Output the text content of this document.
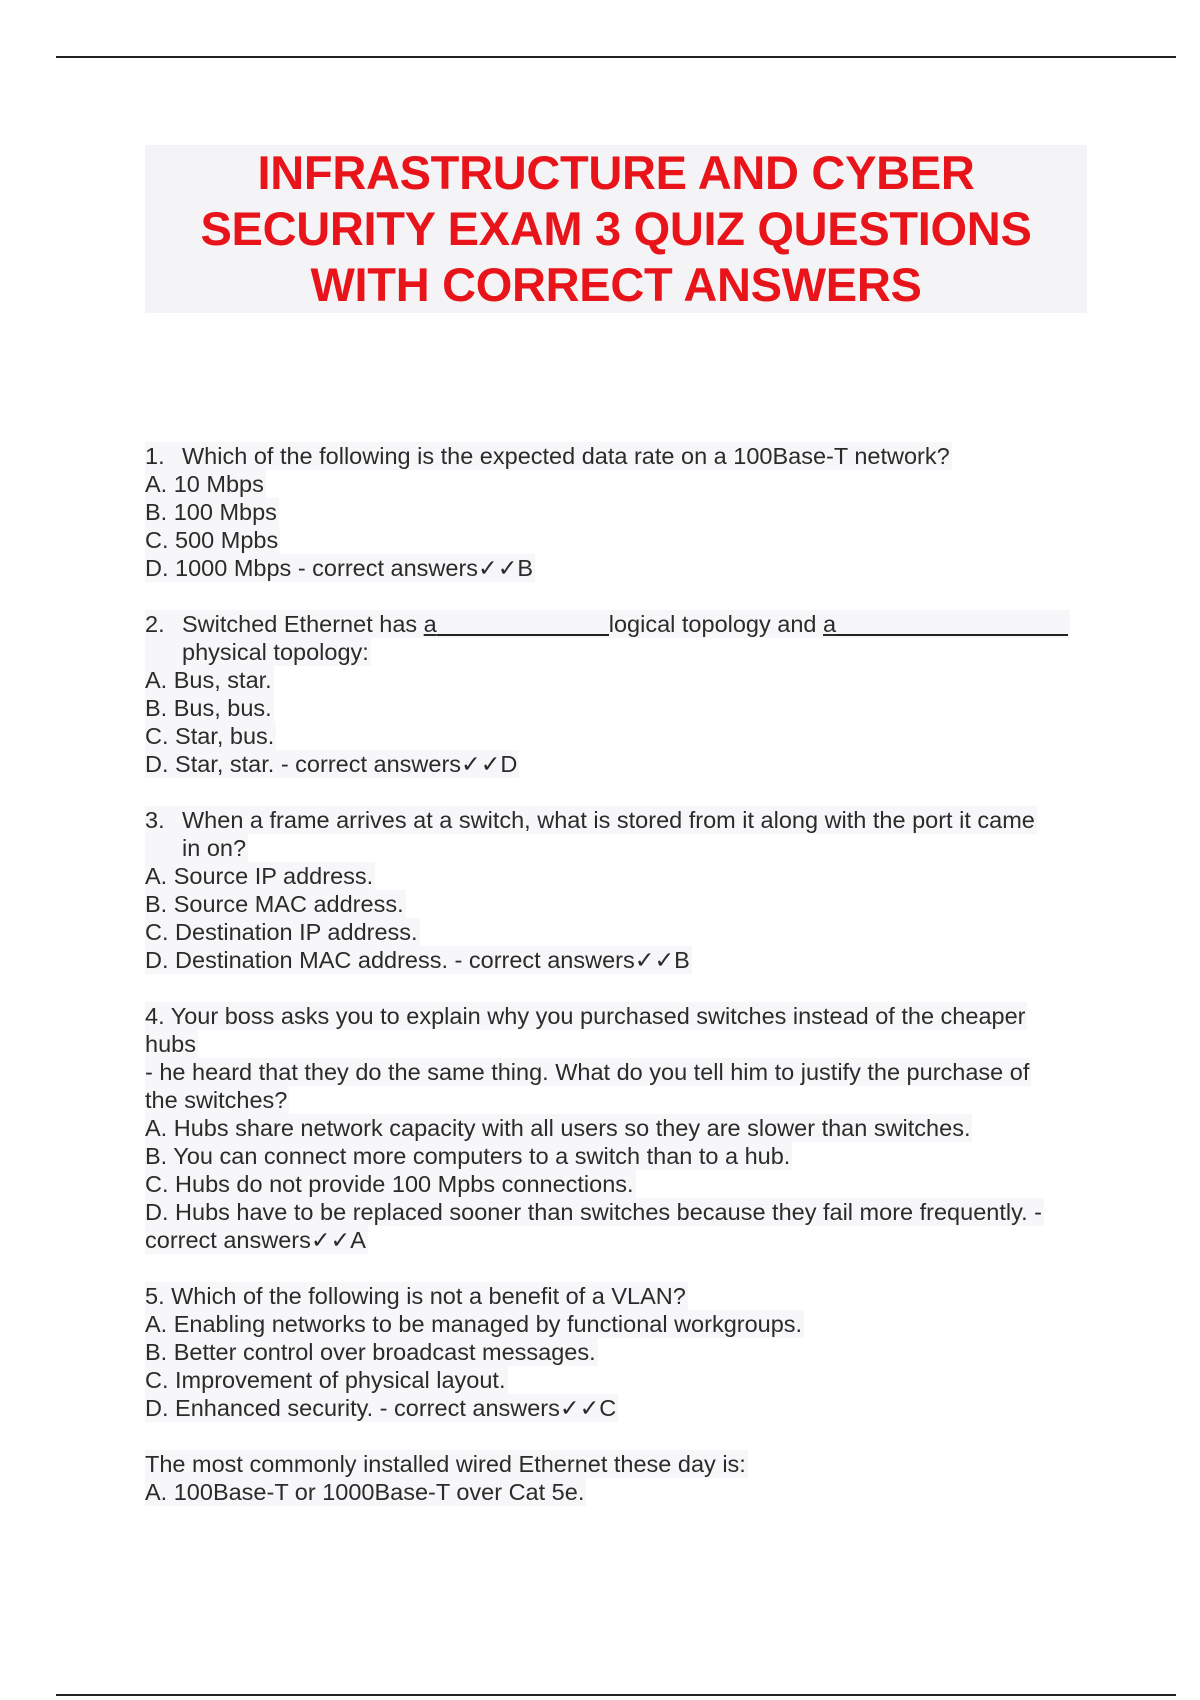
INFRASTRUCTURE AND CYBER
SECURITY EXAM 3 QUIZ QUESTIONS
WITH CORRECT ANSWERS
1. Which of the following is the expected data rate on a 100Base-T network?
A. 10 Mbps
B. 100 Mbps
C. 500 Mpbs
D. 1000 Mbps - correct answers✓✓B
2. Switched Ethernet has a	logical topology and a
physical topology:
A. Bus, star.
B. Bus, bus.
C. Star, bus.
D. Star, star. - correct answers✓✓D
3. When a frame arrives at a switch, what is stored from it along with the port it came
in on?
A. Source IP address.
B. Source MAC address.
C. Destination IP address.
D. Destination MAC address. - correct answers✓✓B
4. Your boss asks you to explain why you purchased switches instead of the cheaper
hubs
- he heard that they do the same thing. What do you tell him to justify the purchase of
the switches?
A. Hubs share network capacity with all users so they are slower than switches.
B. You can connect more computers to a switch than to a hub.
C. Hubs do not provide 100 Mpbs connections.
D. Hubs have to be replaced sooner than switches because they fail more frequently. -
correct answers✓✓A
5. Which of the following is not a benefit of a VLAN?
A. Enabling networks to be managed by functional workgroups.
B. Better control over broadcast messages.
C. Improvement of physical layout.
D. Enhanced security. - correct answers✓✓C
The most commonly installed wired Ethernet these day is:
A. 100Base-T or 1000Base-T over Cat 5e.
